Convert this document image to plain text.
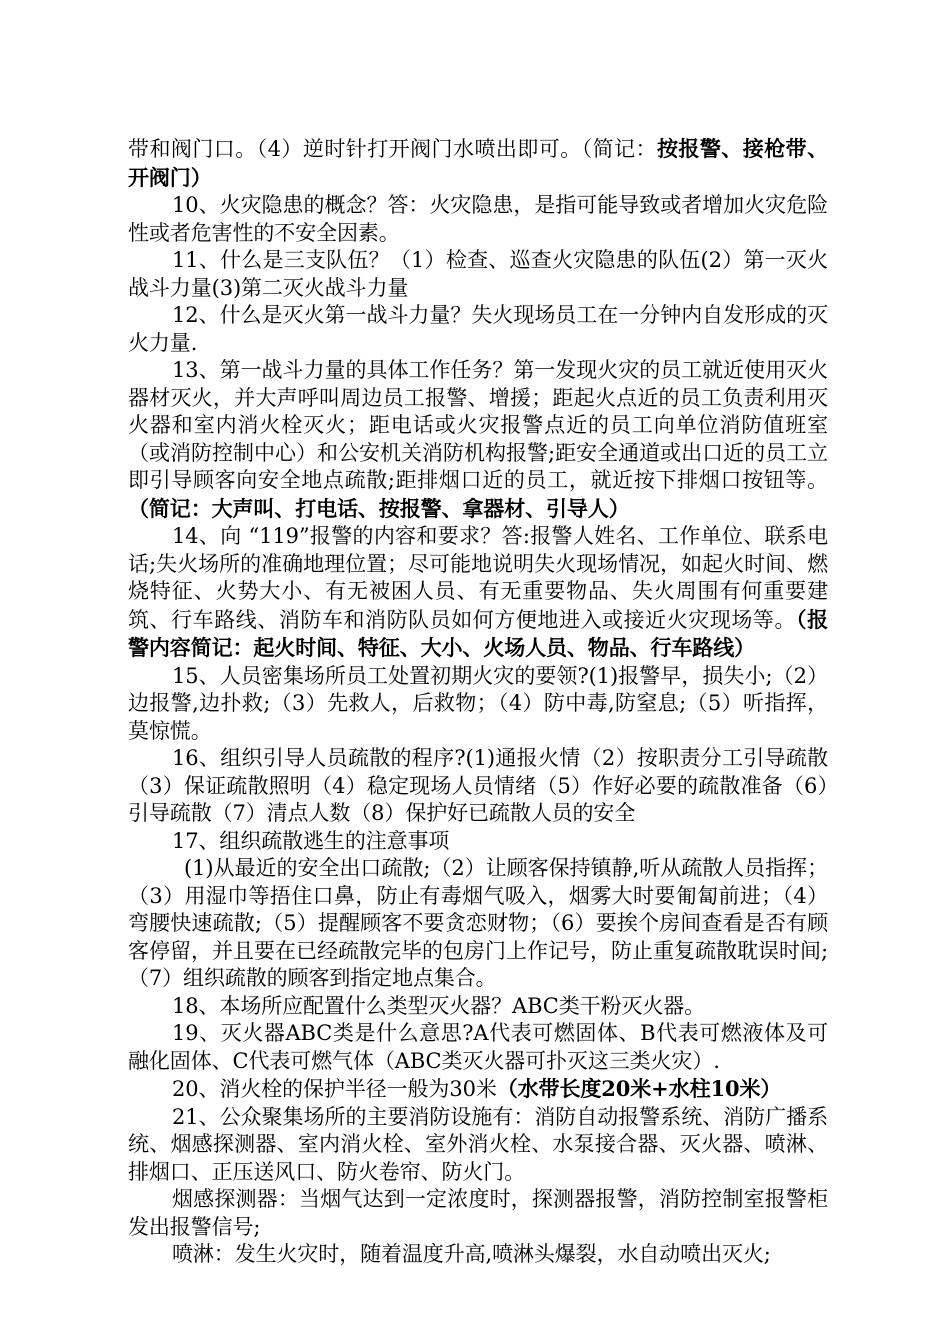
带和阀门口。（4）逆时针打开阀门水喷出即可。（简记：按报警、接枪带、开阀门）

10、火灾隐患的概念？答：火灾隐患，是指可能导致或者增加火灾危险性或者危害性的不安全因素。

11、什么是三支队伍？（1）检查、巡查火灾隐患的队伍(2）第一灭火战斗力量(3)第二灭火战斗力量

12、什么是灭火第一战斗力量？失火现场员工在一分钟内自发形成的灭火力量.

13、第一战斗力量的具体工作任务？第一发现火灾的员工就近使用灭火器材灭火，并大声呼叫周边员工报警、增援；距起火点近的员工负责利用灭火器和室内消火栓灭火；距电话或火灾报警点近的员工向单位消防值班室（或消防控制中心）和公安机关消防机构报警;距安全通道或出口近的员工立即引导顾客向安全地点疏散;距排烟口近的员工，就近按下排烟口按钮等。（简记：大声叫、打电话、按报警、拿器材、引导人）

14、向 “119”报警的内容和要求？答:报警人姓名、工作单位、联系电话;失火场所的准确地理位置；尽可能地说明失火现场情况，如起火时间、燃烧特征、火势大小、有无被困人员、有无重要物品、失火周围有何重要建筑、行车路线、消防车和消防队员如何方便地进入或接近火灾现场等。（报警内容简记：起火时间、特征、大小、火场人员、物品、行车路线）

15、人员密集场所员工处置初期火灾的要领?(1)报警早，损失小;（2）边报警,边扑救;（3）先救人，后救物；（4）防中毒,防窒息;（5）听指挥，莫惊慌。

16、组织引导人员疏散的程序?(1)通报火情（2）按职责分工引导疏散（3）保证疏散照明（4）稳定现场人员情绪（5）作好必要的疏散准备（6）引导疏散（7）清点人数（8）保护好已疏散人员的安全

17、组织疏散逃生的注意事项

(1)从最近的安全出口疏散;（2）让顾客保持镇静,听从疏散人员指挥；（3）用湿巾等捂住口鼻，防止有毒烟气吸入，烟雾大时要匍匐前进；（4）弯腰快速疏散;（5）提醒顾客不要贪恋财物；（6）要挨个房间查看是否有顾客停留，并且要在已经疏散完毕的包房门上作记号，防止重复疏散耽误时间;（7）组织疏散的顾客到指定地点集合。

18、本场所应配置什么类型灭火器？ABC类干粉灭火器。

19、灭火器ABC类是什么意思?A代表可燃固体、B代表可燃液体及可融化固体、C代表可燃气体（ABC类灭火器可扑灭这三类火灾）.

20、消火栓的保护半径一般为30米（水带长度20米+水柱10米）

21、公众聚集场所的主要消防设施有：消防自动报警系统、消防广播系统、烟感探测器、室内消火栓、室外消火栓、水泵接合器、灭火器、喷淋、排烟口、正压送风口、防火卷帘、防火门。

烟感探测器：当烟气达到一定浓度时，探测器报警，消防控制室报警柜发出报警信号;

喷淋：发生火灾时，随着温度升高,喷淋头爆裂，水自动喷出灭火;
